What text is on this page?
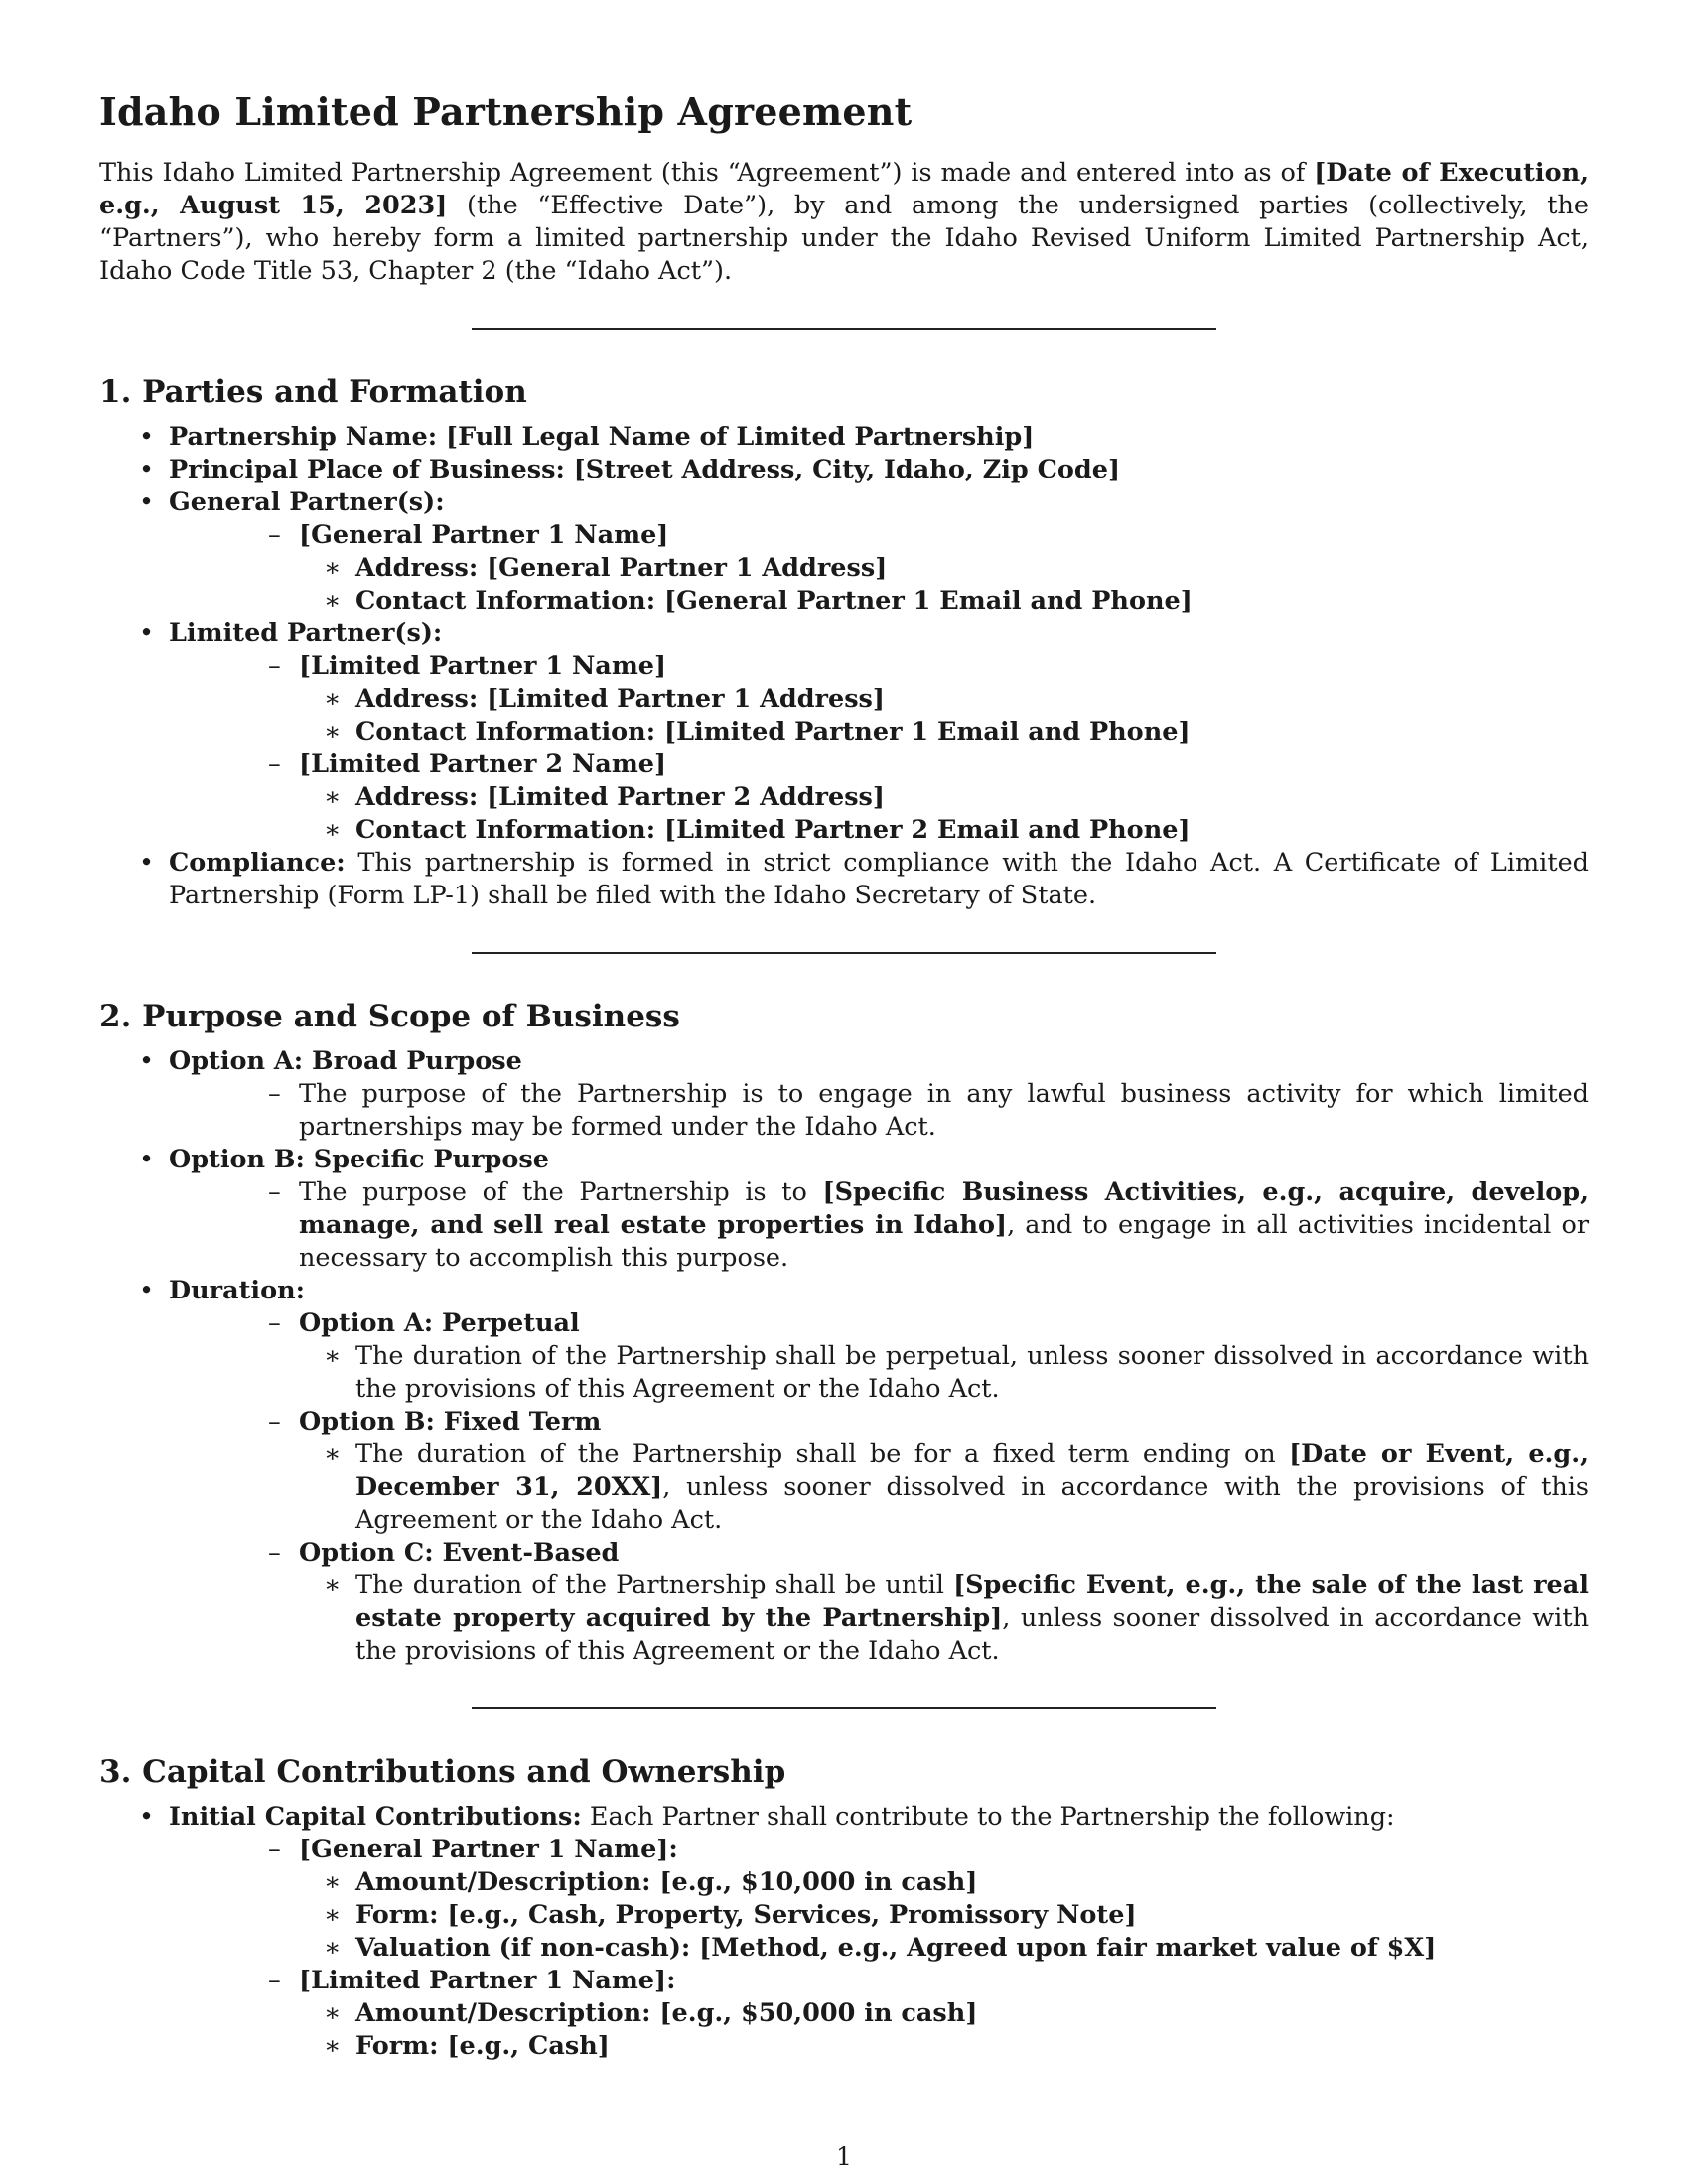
Idaho Limited Partnership Agreement

This Idaho Limited Partnership Agreement (this “Agreement”) is made and entered into as of [Date of Execution, e.g., August 15, 2023] (the “Effective Date”), by and among the undersigned parties (collectively, the “Partners”), who hereby form a limited partnership under the Idaho Revised Uniform Limited Partnership Act, Idaho Code Title 53, Chapter 2 (the “Idaho Act”).

1. Parties and Formation
• Partnership Name: [Full Legal Name of Limited Partnership]
• Principal Place of Business: [Street Address, City, Idaho, Zip Code]
• General Partner(s):
– [General Partner 1 Name]
∗ Address: [General Partner 1 Address]
∗ Contact Information: [General Partner 1 Email and Phone]
• Limited Partner(s):
– [Limited Partner 1 Name]
∗ Address: [Limited Partner 1 Address]
∗ Contact Information: [Limited Partner 1 Email and Phone]
– [Limited Partner 2 Name]
∗ Address: [Limited Partner 2 Address]
∗ Contact Information: [Limited Partner 2 Email and Phone]
• Compliance: This partnership is formed in strict compliance with the Idaho Act. A Certificate of Limited Partnership (Form LP-1) shall be filed with the Idaho Secretary of State.
2. Purpose and Scope of Business
• Option A: Broad Purpose
– The purpose of the Partnership is to engage in any lawful business activity for which limited partnerships may be formed under the Idaho Act.
• Option B: Specific Purpose
– The purpose of the Partnership is to [Specific Business Activities, e.g., acquire, develop, manage, and sell real estate properties in Idaho], and to engage in all activities incidental or necessary to accomplish this purpose.
• Duration:
– Option A: Perpetual
∗ The duration of the Partnership shall be perpetual, unless sooner dissolved in accordance with the provisions of this Agreement or the Idaho Act.
– Option B: Fixed Term
∗ The duration of the Partnership shall be for a fixed term ending on [Date or Event, e.g., December 31, 20XX], unless sooner dissolved in accordance with the provisions of this Agreement or the Idaho Act.
– Option C: Event-Based
∗ The duration of the Partnership shall be until [Specific Event, e.g., the sale of the last real estate property acquired by the Partnership], unless sooner dissolved in accordance with the provisions of this Agreement or the Idaho Act.
3. Capital Contributions and Ownership
• Initial Capital Contributions: Each Partner shall contribute to the Partnership the following:
– [General Partner 1 Name]:
∗ Amount/Description: [e.g., $10,000 in cash]
∗ Form: [e.g., Cash, Property, Services, Promissory Note]
∗ Valuation (if non-cash): [Method, e.g., Agreed upon fair market value of $X]
– [Limited Partner 1 Name]:
∗ Amount/Description: [e.g., $50,000 in cash]
∗ Form: [e.g., Cash]
1
